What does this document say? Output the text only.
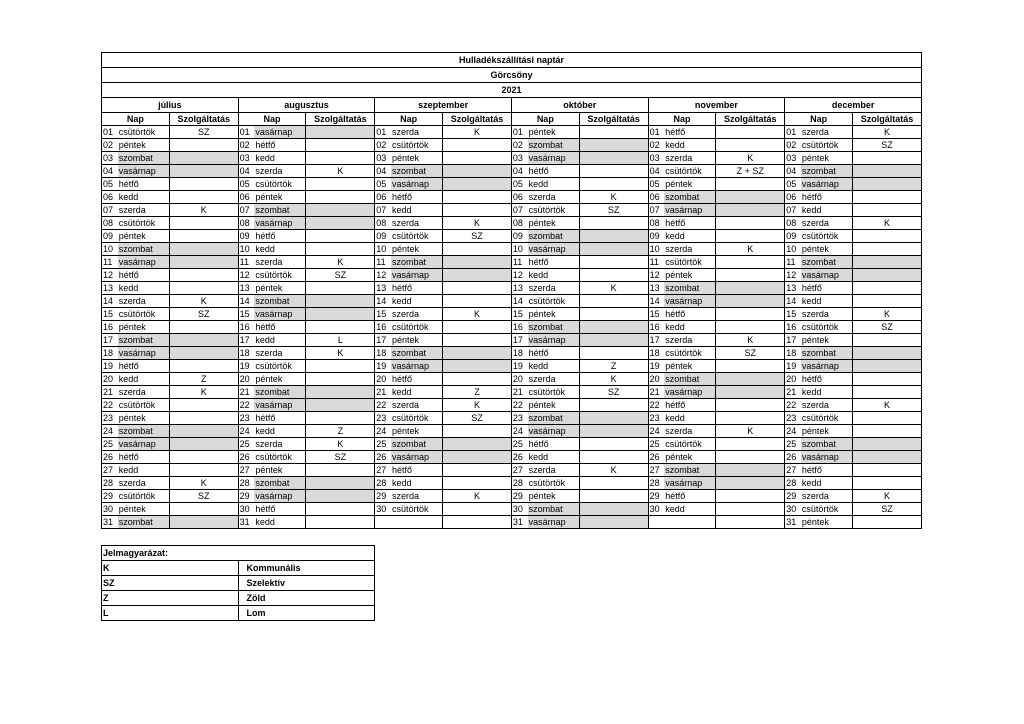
Hulladékszállítási naptár																	
Görcsöny																	
2021																	
július			augusztus			szeptember			október			november			december		
Nap		Szolgáltatás	Nap		Szolgáltatás	Nap		Szolgáltatás	Nap		Szolgáltatás	Nap		Szolgáltatás	Nap		Szolgáltatás
01	csütörtök	SZ	01	vasárnap		01	szerda	K	01	péntek		01	hétfő		01	szerda	K
02	péntek		02	hétfő		02	csütörtök		02	szombat		02	kedd		02	csütörtök	SZ
03	szombat		03	kedd		03	péntek		03	vasárnap		03	szerda	K	03	péntek	
04	vasárnap		04	szerda	K	04	szombat		04	hétfő		04	csütörtök	Z + SZ	04	szombat	
05	hétfő		05	csütörtök		05	vasárnap		05	kedd		05	péntek		05	vasárnap	
06	kedd		06	péntek		06	hétfő		06	szerda	K	06	szombat		06	hétfő	
07	szerda	K	07	szombat		07	kedd		07	csütörtök	SZ	07	vasárnap		07	kedd	
08	csütörtök		08	vasárnap		08	szerda	K	08	péntek		08	hétfő		08	szerda	K
09	péntek		09	hétfő		09	csütörtök	SZ	09	szombat		09	kedd		09	csütörtök	
10	szombat		10	kedd		10	péntek		10	vasárnap		10	szerda	K	10	péntek	
11	vasárnap		11	szerda	K	11	szombat		11	hétfő		11	csütörtök		11	szombat	
12	hétfő		12	csütörtök	SZ	12	vasárnap		12	kedd		12	péntek		12	vasárnap	
13	kedd		13	péntek		13	hétfő		13	szerda	K	13	szombat		13	hétfő	
14	szerda	K	14	szombat		14	kedd		14	csütörtök		14	vasárnap		14	kedd	
15	csütörtök	SZ	15	vasárnap		15	szerda	K	15	péntek		15	hétfő		15	szerda	K
16	péntek		16	hétfő		16	csütörtök		16	szombat		16	kedd		16	csütörtök	SZ
17	szombat		17	kedd	L	17	péntek		17	vasárnap		17	szerda	K	17	péntek	
18	vasárnap		18	szerda	K	18	szombat		18	hétfő		18	csütörtök	SZ	18	szombat	
19	hétfő		19	csütörtök		19	vasárnap		19	kedd	Z	19	péntek		19	vasárnap	
20	kedd	Z	20	péntek		20	hétfő		20	szerda	K	20	szombat		20	hétfő	
21	szerda	K	21	szombat		21	kedd	Z	21	csütörtök	SZ	21	vasárnap		21	kedd	
22	csütörtök		22	vasárnap		22	szerda	K	22	péntek		22	hétfő		22	szerda	K
23	péntek		23	hétfő		23	csütörtök	SZ	23	szombat		23	kedd		23	csütörtök	
24	szombat		24	kedd	Z	24	péntek		24	vasárnap		24	szerda	K	24	péntek	
25	vasárnap		25	szerda	K	25	szombat		25	hétfő		25	csütörtök		25	szombat	
26	hétfő		26	csütörtök	SZ	26	vasárnap		26	kedd		26	péntek		26	vasárnap	
27	kedd		27	péntek		27	hétfő		27	szerda	K	27	szombat		27	hétfő	
28	szerda	K	28	szombat		28	kedd		28	csütörtök		28	vasárnap		28	kedd	
29	csütörtök	SZ	29	vasárnap		29	szerda	K	29	péntek		29	hétfő		29	szerda	K
30	péntek		30	hétfő		30	csütörtök		30	szombat		30	kedd		30	csütörtök	SZ
31	szombat		31	kedd					31	vasárnap					31	péntek	
Jelmagyarázat:	
K	Kommunális
SZ	Szelektív
Z	Zöld
L	Lom
